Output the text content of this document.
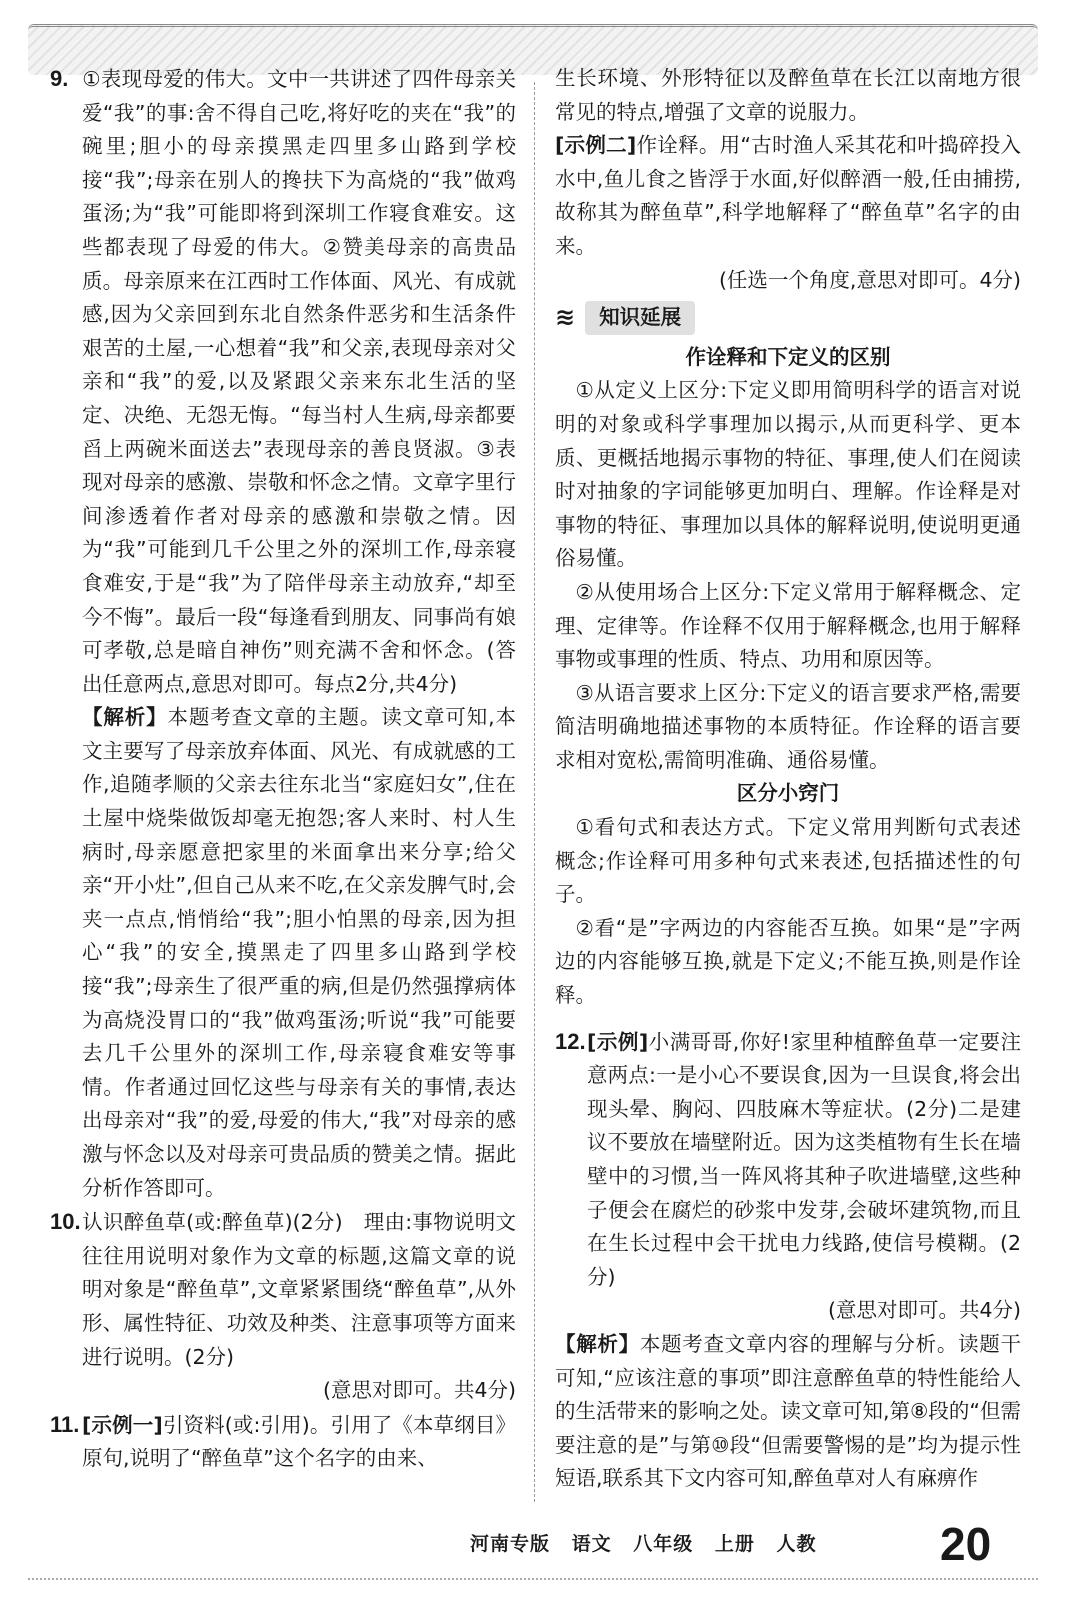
9. ①表现母爱的伟大。文中一共讲述了四件母亲关爱“我”的事:舍不得自己吃,将好吃的夹在“我”的碗里;胆小的母亲摸黑走四里多山路到学校接“我”;母亲在别人的搀扶下为高烧的“我”做鸡蛋汤;为“我”可能即将到深圳工作寝食难安。这些都表现了母爱的伟大。②赞美母亲的高贵品质。母亲原来在江西时工作体面、风光、有成就感,因为父亲回到东北自然条件恶劣和生活条件艰苦的土屋,一心想着“我”和父亲,表现母亲对父亲和“我”的爱,以及紧跟父亲来东北生活的坚定、决绝、无怨无悔。“每当村人生病,母亲都要舀上两碗米面送去”表现母亲的善良贤淑。③表现对母亲的感激、崇敬和怀念之情。文章字里行间渗透着作者对母亲的感激和崇敬之情。因为“我”可能到几千公里之外的深圳工作,母亲寝食难安,于是“我”为了陪伴母亲主动放弃,“却至今不悔”。最后一段“每逢看到朋友、同事尚有娘可孝敬,总是暗自神伤”则充满不舍和怀念。(答出任意两点,意思对即可。每点2分,共4分)

【解析】本题考查文章的主题。读文章可知,本文主要写了母亲放弃体面、风光、有成就感的工作,追随孝顺的父亲去往东北当“家庭妇女”,住在土屋中烧柴做饭却毫无抱怨;客人来时、村人生病时,母亲愿意把家里的米面拿出来分享;给父亲“开小灶”,但自己从来不吃,在父亲发脾气时,会夹一点点,悄悄给“我”;胆小怕黑的母亲,因为担心“我”的安全,摸黑走了四里多山路到学校接“我”;母亲生了很严重的病,但是仍然强撑病体为高烧没胃口的“我”做鸡蛋汤;听说“我”可能要去几千公里外的深圳工作,母亲寝食难安等事情。作者通过回忆这些与母亲有关的事情,表达出母亲对“我”的爱,母爱的伟大,“我”对母亲的感激与怀念以及对母亲可贵品质的赞美之情。据此分析作答即可。

10.认识醉鱼草(或:醉鱼草)(2分)　理由:事物说明文往往用说明对象作为文章的标题,这篇文章的说明对象是“醉鱼草”,文章紧紧围绕“醉鱼草”,从外形、属性特征、功效及种类、注意事项等方面来进行说明。(2分)

(意思对即可。共4分)

11. [示例一]引资料(或:引用)。引用了《本草纲目》原句,说明了“醉鱼草”这个名字的由来、

生长环境、外形特征以及醉鱼草在长江以南地方很常见的特点,增强了文章的说服力。

[示例二]作诠释。用“古时渔人采其花和叶捣碎投入水中,鱼儿食之皆浮于水面,好似醉酒一般,任由捕捞,故称其为醉鱼草”,科学地解释了“醉鱼草”名字的由来。

(任选一个角度,意思对即可。4分)

≋	知识延展

作诠释和下定义的区别

①从定义上区分:下定义即用简明科学的语言对说明的对象或科学事理加以揭示,从而更科学、更本质、更概括地揭示事物的特征、事理,使人们在阅读时对抽象的字词能够更加明白、理解。作诠释是对事物的特征、事理加以具体的解释说明,使说明更通俗易懂。

②从使用场合上区分:下定义常用于解释概念、定理、定律等。作诠释不仅用于解释概念,也用于解释事物或事理的性质、特点、功用和原因等。

③从语言要求上区分:下定义的语言要求严格,需要简洁明确地描述事物的本质特征。作诠释的语言要求相对宽松,需简明准确、通俗易懂。

区分小窍门

①看句式和表达方式。下定义常用判断句式表述概念;作诠释可用多种句式来表述,包括描述性的句子。

②看“是”字两边的内容能否互换。如果“是”字两边的内容能够互换,就是下定义;不能互换,则是作诠释。

12.[示例]小满哥哥,你好!家里种植醉鱼草一定要注意两点:一是小心不要误食,因为一旦误食,将会出现头晕、胸闷、四肢麻木等症状。(2分)二是建议不要放在墙壁附近。因为这类植物有生长在墙壁中的习惯,当一阵风将其种子吹进墙壁,这些种子便会在腐烂的砂浆中发芽,会破坏建筑物,而且在生长过程中会干扰电力线路,使信号模糊。(2分)

(意思对即可。共4分)

【解析】本题考查文章内容的理解与分析。读题干可知,“应该注意的事项”即注意醉鱼草的特性能给人的生活带来的影响之处。读文章可知,第⑧段的“但需要注意的是”与第⑩段“但需要警惕的是”均为提示性短语,联系其下文内容可知,醉鱼草对人有麻痹作

河南专版 语文 八年级 上册 人教	20
